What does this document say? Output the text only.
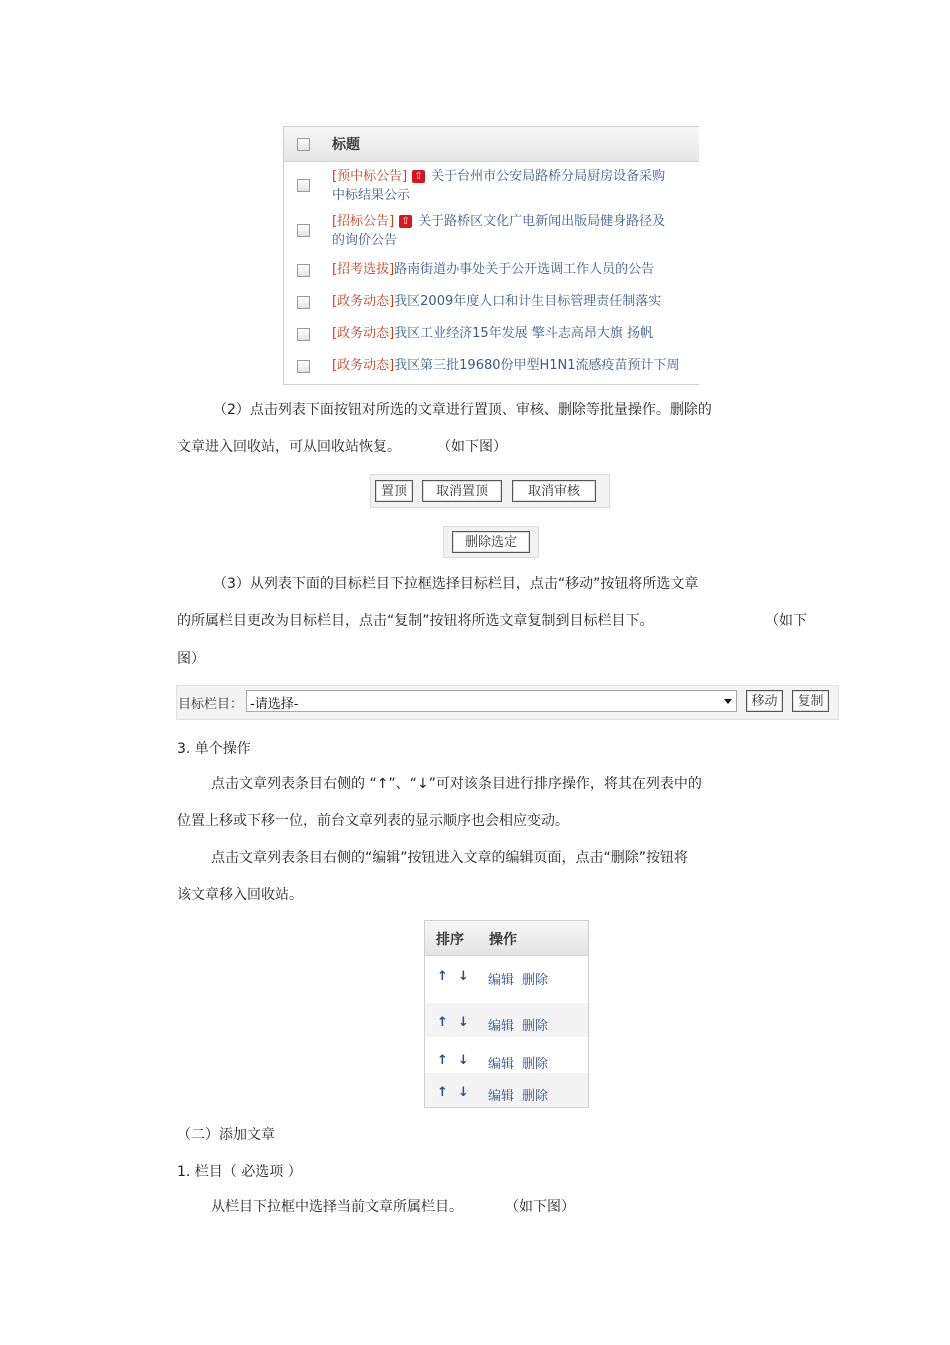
标题
[预中标公告] ⇧ 关于台州市公安局路桥分局厨房设备采购
中标结果公示
[招标公告] ⇧ 关于路桥区文化广电新闻出版局健身路径及
的询价公告
[招考选拔]路南街道办事处关于公开选调工作人员的公告
[政务动态]我区2009年度人口和计生目标管理责任制落实
[政务动态]我区工业经济15年发展 擎斗志高昂大旗 扬帆
[政务动态]我区第三批19680份甲型H1N1流感疫苗预计下周
（2）点击列表下面按钮对所选的文章进行置顶、审核、删除等批量操作。删除的
文章进入回收站，可从回收站恢复。	（如下图）
置顶	取消置顶	取消审核
删除选定
（3）从列表下面的目标栏目下拉框选择目标栏目，点击“移动”按钮将所选文章
的所属栏目更改为目标栏目，点击“复制”按钮将所选文章复制到目标栏目下。	（如下
图）
目标栏目： -请选择-	移动	复制
3. 单个操作
点击文章列表条目右侧的 “↑”、“↓”可对该条目进行排序操作，将其在列表中的
位置上移或下移一位，前台文章列表的显示顺序也会相应变动。
点击文章列表条目右侧的“编辑”按钮进入文章的编辑页面，点击“删除”按钮将
该文章移入回收站。
排序 操作
↑ ↓ 编辑 删除
↑ ↓ 编辑 删除
↑ ↓ 编辑 删除
↑ ↓ 编辑 删除
（二）添加文章
1. 栏目（ 必选项 ）
从栏目下拉框中选择当前文章所属栏目。	（如下图）
